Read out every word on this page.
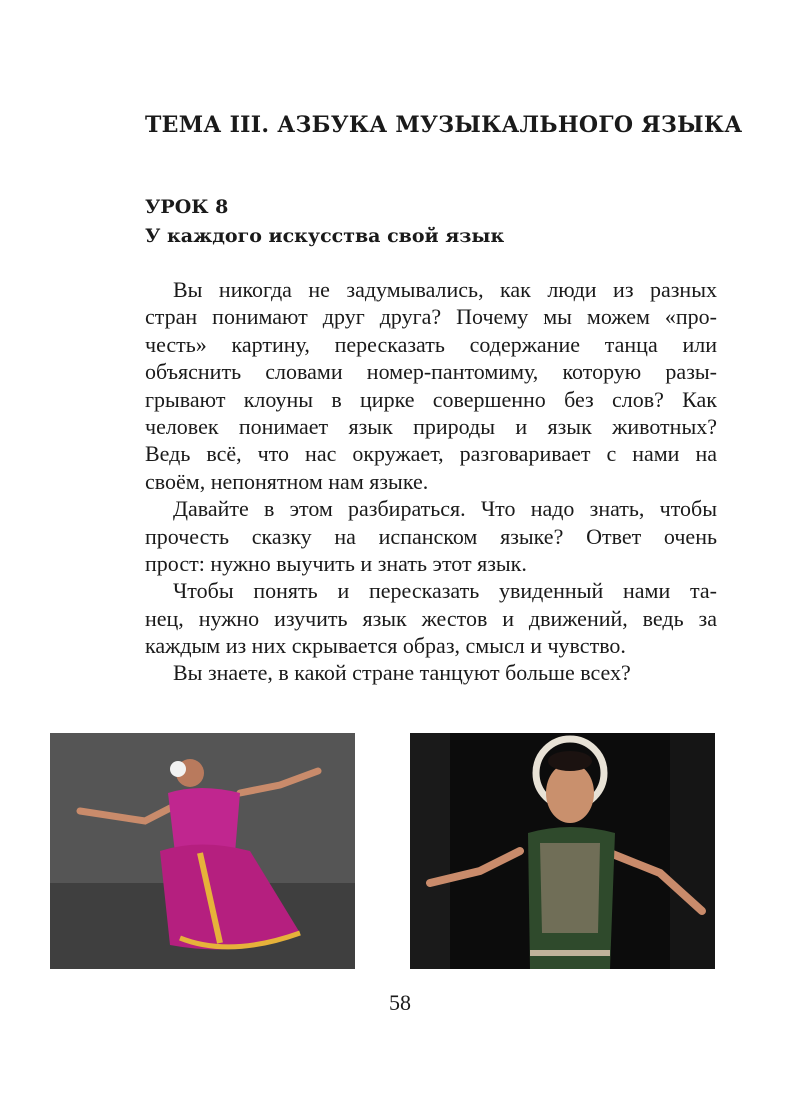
ТЕМА III. АЗБУКА МУЗЫКАЛЬНОГО ЯЗЫКА
УРОК 8
У каждого искусства свой язык
Вы никогда не задумывались, как люди из разных
стран понимают друг друга? Почему мы можем «про-
честь» картину, пересказать содержание танца или
объяснить словами номер-пантомиму, которую разы-
грывают клоуны в цирке совершенно без слов? Как
человек понимает язык природы и язык животных?
Ведь всё, что нас окружает, разговаривает с нами на
своём, непонятном нам языке.
Давайте в этом разбираться. Что надо знать, чтобы
прочесть сказку на испанском языке? Ответ очень
прост: нужно выучить и знать этот язык.
Чтобы понять и пересказать увиденный нами та-
нец, нужно изучить язык жестов и движений, ведь за
каждым из них скрывается образ, смысл и чувство.
Вы знаете, в какой стране танцуют больше всех?
58
